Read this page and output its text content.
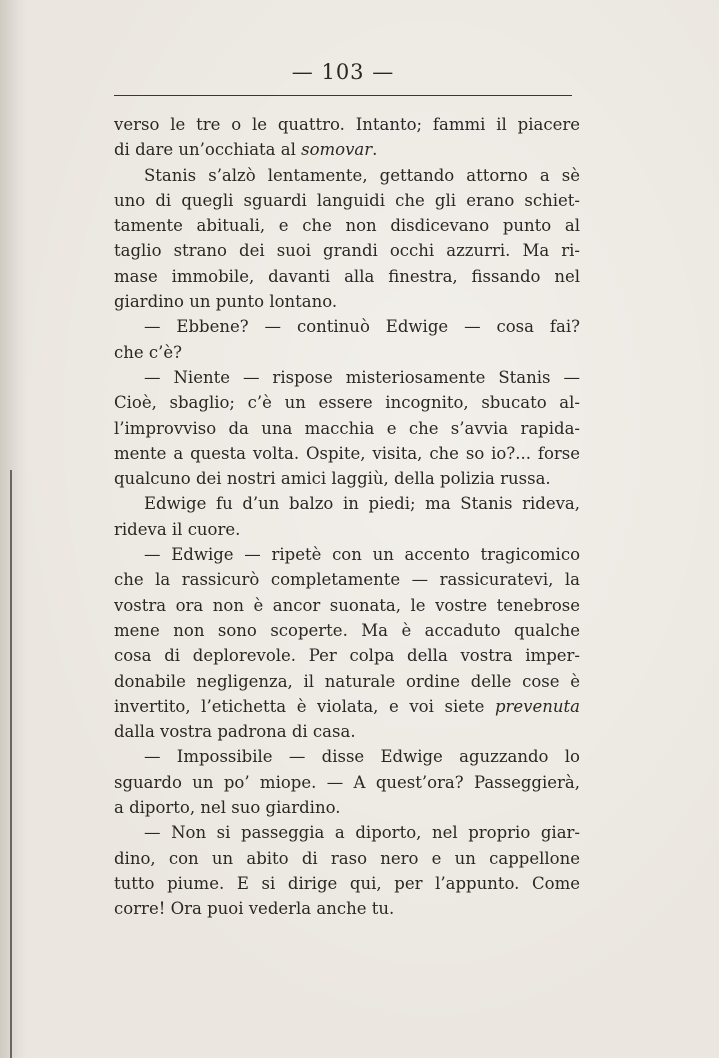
— 103 —
verso le tre o le quattro. Intanto; fammi il piacere
di dare un’occhiata al somovar.
Stanis s’alzò lentamente, gettando attorno a sè
uno di quegli sguardi languidi che gli erano schiet-
tamente abituali, e che non disdicevano punto al
taglio strano dei suoi grandi occhi azzurri. Ma ri-
mase immobile, davanti alla finestra, fissando nel
giardino un punto lontano.
— Ebbene? — continuò Edwige — cosa fai?
che c’è?
— Niente — rispose misteriosamente Stanis —
Cioè, sbaglio; c’è un essere incognito, sbucato al-
l’improvviso da una macchia e che s’avvia rapida-
mente a questa volta. Ospite, visita, che so io?... forse
qualcuno dei nostri amici laggiù, della polizia russa.
Edwige fu d’un balzo in piedi; ma Stanis rideva,
rideva il cuore.
— Edwige — ripetè con un accento tragicomico
che la rassicurò completamente — rassicuratevi, la
vostra ora non è ancor suonata, le vostre tenebrose
mene non sono scoperte. Ma è accaduto qualche
cosa di deplorevole. Per colpa della vostra imper-
donabile negligenza, il naturale ordine delle cose è
invertito, l’etichetta è violata, e voi siete prevenuta
dalla vostra padrona di casa.
— Impossibile — disse Edwige aguzzando lo
sguardo un po’ miope. — A quest’ora? Passeggierà,
a diporto, nel suo giardino.
— Non si passeggia a diporto, nel proprio giar-
dino, con un abito di raso nero e un cappellone
tutto piume. E si dirige qui, per l’appunto. Come
corre! Ora puoi vederla anche tu.
